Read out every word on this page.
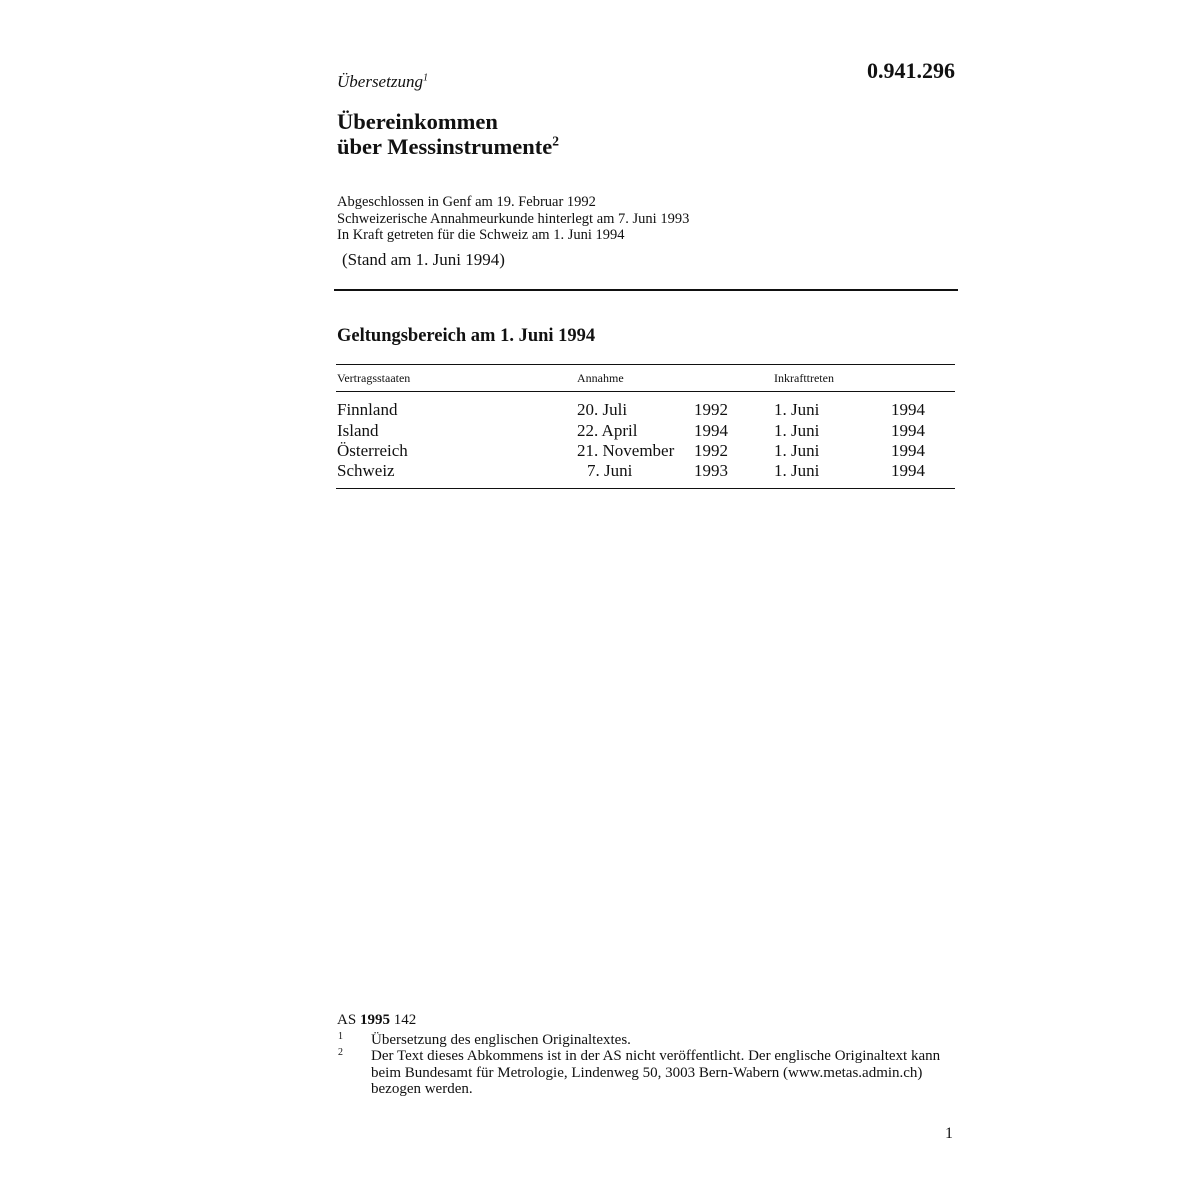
Übersetzung$^1$	0.941.296
Übereinkommen
über Messinstrumente$^2$
Abgeschlossen in Genf am 19. Februar 1992
Schweizerische Annahmeurkunde hinterlegt am 7. Juni 1993
In Kraft getreten für die Schweiz am 1. Juni 1994
(Stand am 1. Juni 1994)
Geltungsbereich am 1. Juni 1994
Vertragsstaaten	Annahme	Inkrafttreten
Finnland	20. Juli	1992	1. Juni	1994
Island	22. April	1994	1. Juni	1994
Österreich	21. November 1992	1. Juni	1994
Schweiz	7. Juni	1993	1. Juni	1994
AS 1995 142
1 Übersetzung des englischen Originaltextes.
2 Der Text dieses Abkommens ist in der AS nicht veröffentlicht. Der englische Originaltext kann beim Bundesamt für Metrologie, Lindenweg 50, 3003 Bern-Wabern (www.metas.admin.ch) bezogen werden.
1
